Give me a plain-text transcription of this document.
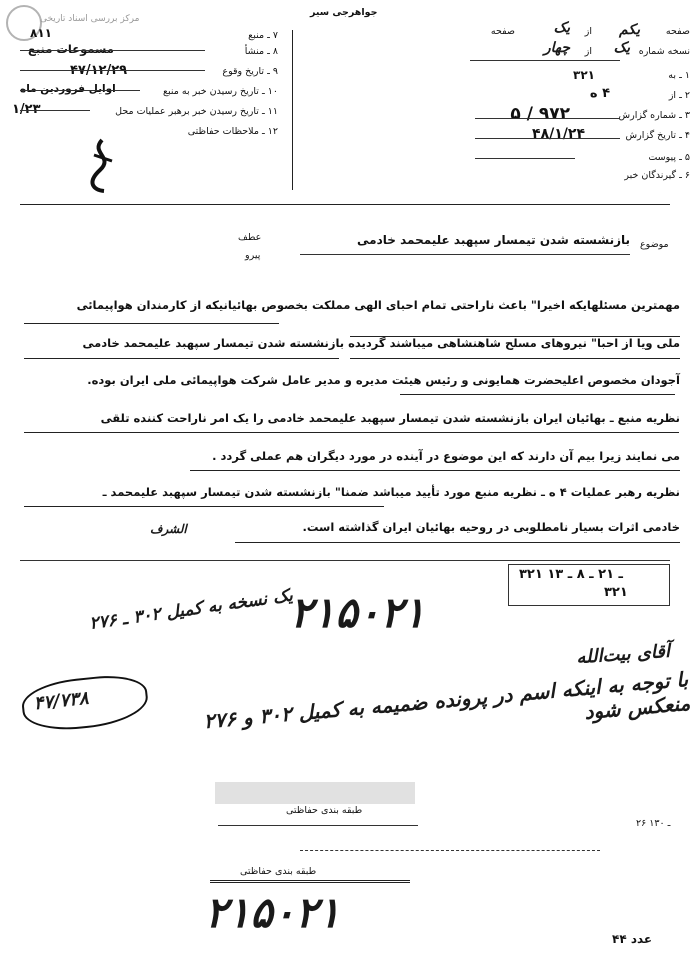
مرکز بررسی اسناد تاریخی
جواهرجی سیر
۷ ـ منبع
۸۱۱
۸ ـ منشأ
مسموعات منبع
۹ ـ تاریخ وقوع
۴۷/۱۲/۲۹
۱۰ ـ تاریخ رسیدن خبر به منبع
اوایل فروردین ماه
۱۱ ـ تاریخ رسیدن خبر برهبر عملیات محل
۱/۲۳
۱۲ ـ ملاحظات حفاظتی
صفحه
یکم
از
یک
صفحه
نسخه شماره
یک
از
چهار
۱ ـ به
۳۲۱
۲ ـ از
۴ ه
۳ ـ شماره گزارش
۹۷۲ / ۵
۴ ـ تاریخ گزارش
۴۸/۱/۲۴
۵ ـ پیوست
۶ ـ گیرندگان خبر
عطف
پیرو
موضوع
بازنشسته شدن تیمسار سپهبد علیمحمد خادمی
مهمترین مسئلهایکه اخیرا" باعث ناراحتی تمام احبای الهی مملکت بخصوص بهائیانیکه از کارمندان هواپیمائی
ملی ویا از احبا" نیروهای مسلح شاهنشاهی میباشند گردیده بازنشسته شدن تیمسار سپهبد علیمحمد خادمی
آجودان مخصوص اعلیحضرت همایونی و رئیس هیئت مدیره و مدیر عامل شرکت هواپیمائی ملی ایران بوده.
نظریه منبع ـ بهائیان ایران بازنشسته شدن تیمسار سپهبد علیمحمد خادمی را یک امر ناراحت کننده تلقی
می نمایند زیرا بیم آن دارند که این موضوع در آینده در مورد دیگران هم عملی گردد .
نظریه رهبر عملیات ۴ ه ـ نظریه منبع مورد تأیید میباشد ضمنا" بازنشسته شدن تیمسار سپهبد علیمحمد ـ
خادمی اثرات بسیار نامطلوبی در روحیه بهائیان ایران گذاشته است.
الشرف
۳۲۱ ـ ۲۱ ـ ۸ ـ ۱۳
۳۲۱
۲۱۵۰۲۱
یک نسخه به کمیل ۳۰۲ ـ ۲۷۶
آقای بیت‌الله
۴۷/۷۳۸
با توجه به اینکه اسم در پرونده ضمیمه به کمیل ۳۰۲ و ۲۷۶ منعکس شود
طبقه بندی حفاظتی
۲۶ ـ ۱۳۰
طبقه بندی حفاظتی
۲۱۵۰۲۱
۴۴ عدد
